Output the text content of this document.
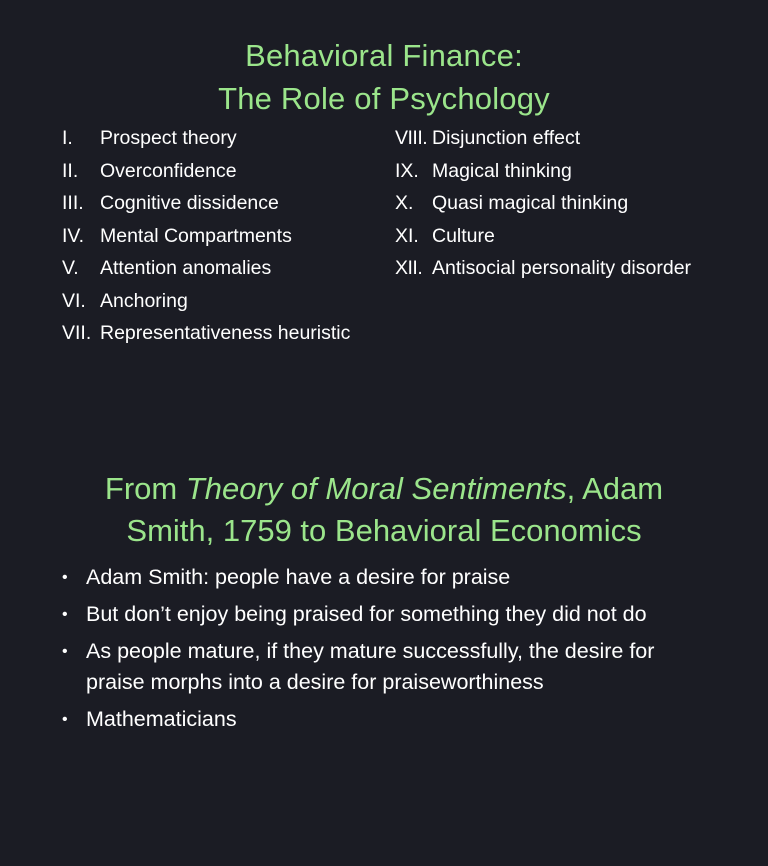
Behavioral Finance:
The Role of Psychology
I.	Prospect theory
II.	Overconfidence
III. Cognitive dissidence
IV. Mental Compartments
V.	Attention anomalies
VI. Anchoring
VII. Representativeness heuristic
VIII. Disjunction effect
IX. Magical thinking
X. Quasi magical thinking
XI. Culture
XII. Antisocial personality disorder
From Theory of Moral Sentiments, Adam
Smith, 1759 to Behavioral Economics
• Adam Smith: people have a desire for praise
• But don’t enjoy being praised for something they did not do
• As people mature, if they mature successfully, the desire for praise morphs into a desire for praiseworthiness
• Mathematicians
